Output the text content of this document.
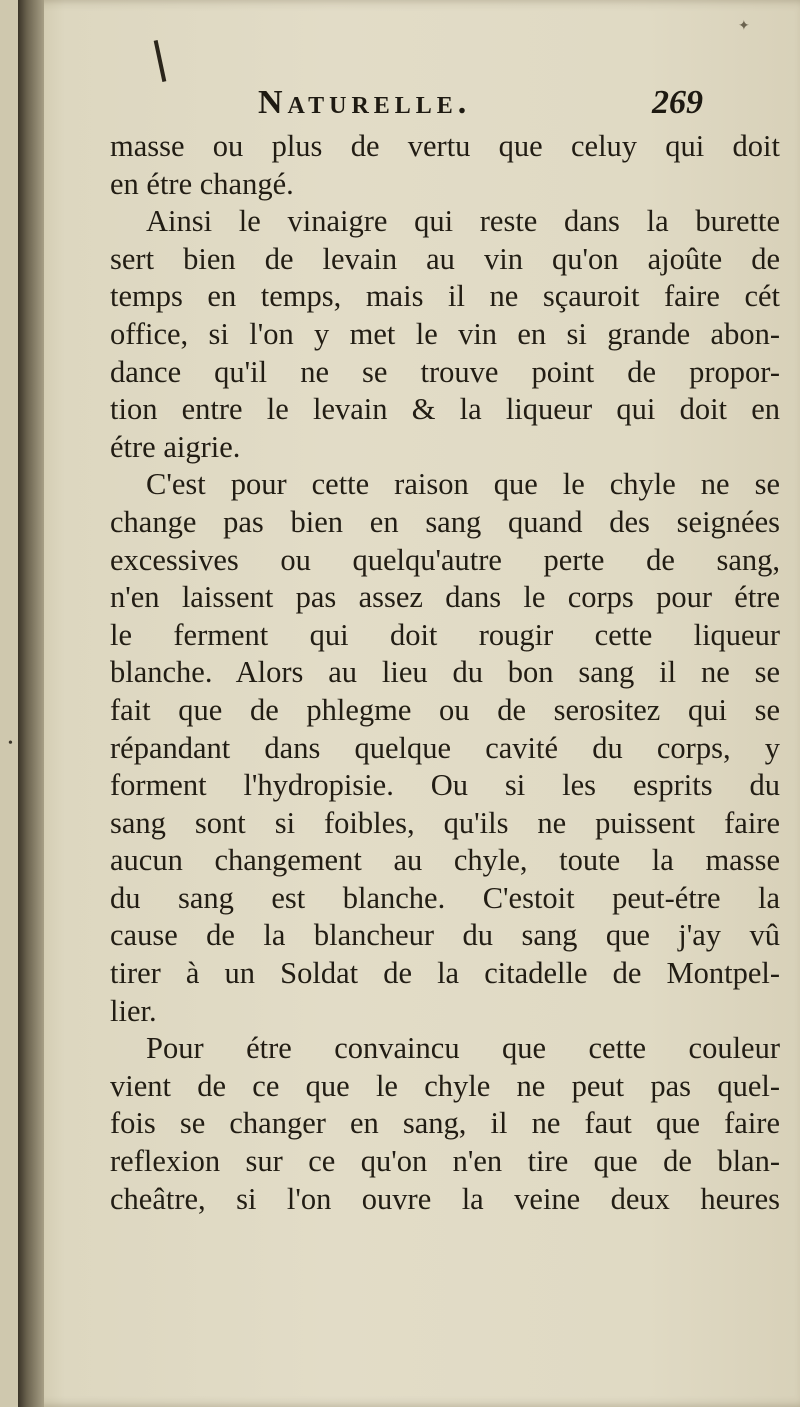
✦
Naturelle.	269

masse ou plus de vertu que celuy qui doit
en étre changé.

Ainsi le vinaigre qui reste dans la burette
sert bien de levain au vin qu'on ajoûte de
temps en temps, mais il ne sçauroit faire cét
office, si l'on y met le vin en si grande abon-
dance qu'il ne se trouve point de propor-
tion entre le levain & la liqueur qui doit en
étre aigrie.

C'est pour cette raison que le chyle ne se
change pas bien en sang quand des seignées
excessives ou quelqu'autre perte de sang,
n'en laissent pas assez dans le corps pour étre
le ferment qui doit rougir cette liqueur
blanche. Alors au lieu du bon sang il ne se
fait que de phlegme ou de serositez qui se
répandant dans quelque cavité du corps, y
forment l'hydropisie. Ou si les esprits du
sang sont si foibles, qu'ils ne puissent faire
aucun changement au chyle, toute la masse
du sang est blanche. C'estoit peut-étre la
cause de la blancheur du sang que j'ay vû
tirer à un Soldat de la citadelle de Montpel-
lier.

Pour étre convaincu que cette couleur
vient de ce que le chyle ne peut pas quel-
fois se changer en sang, il ne faut que faire
reflexion sur ce qu'on n'en tire que de blan-
cheâtre, si l'on ouvre la veine deux heures

•
